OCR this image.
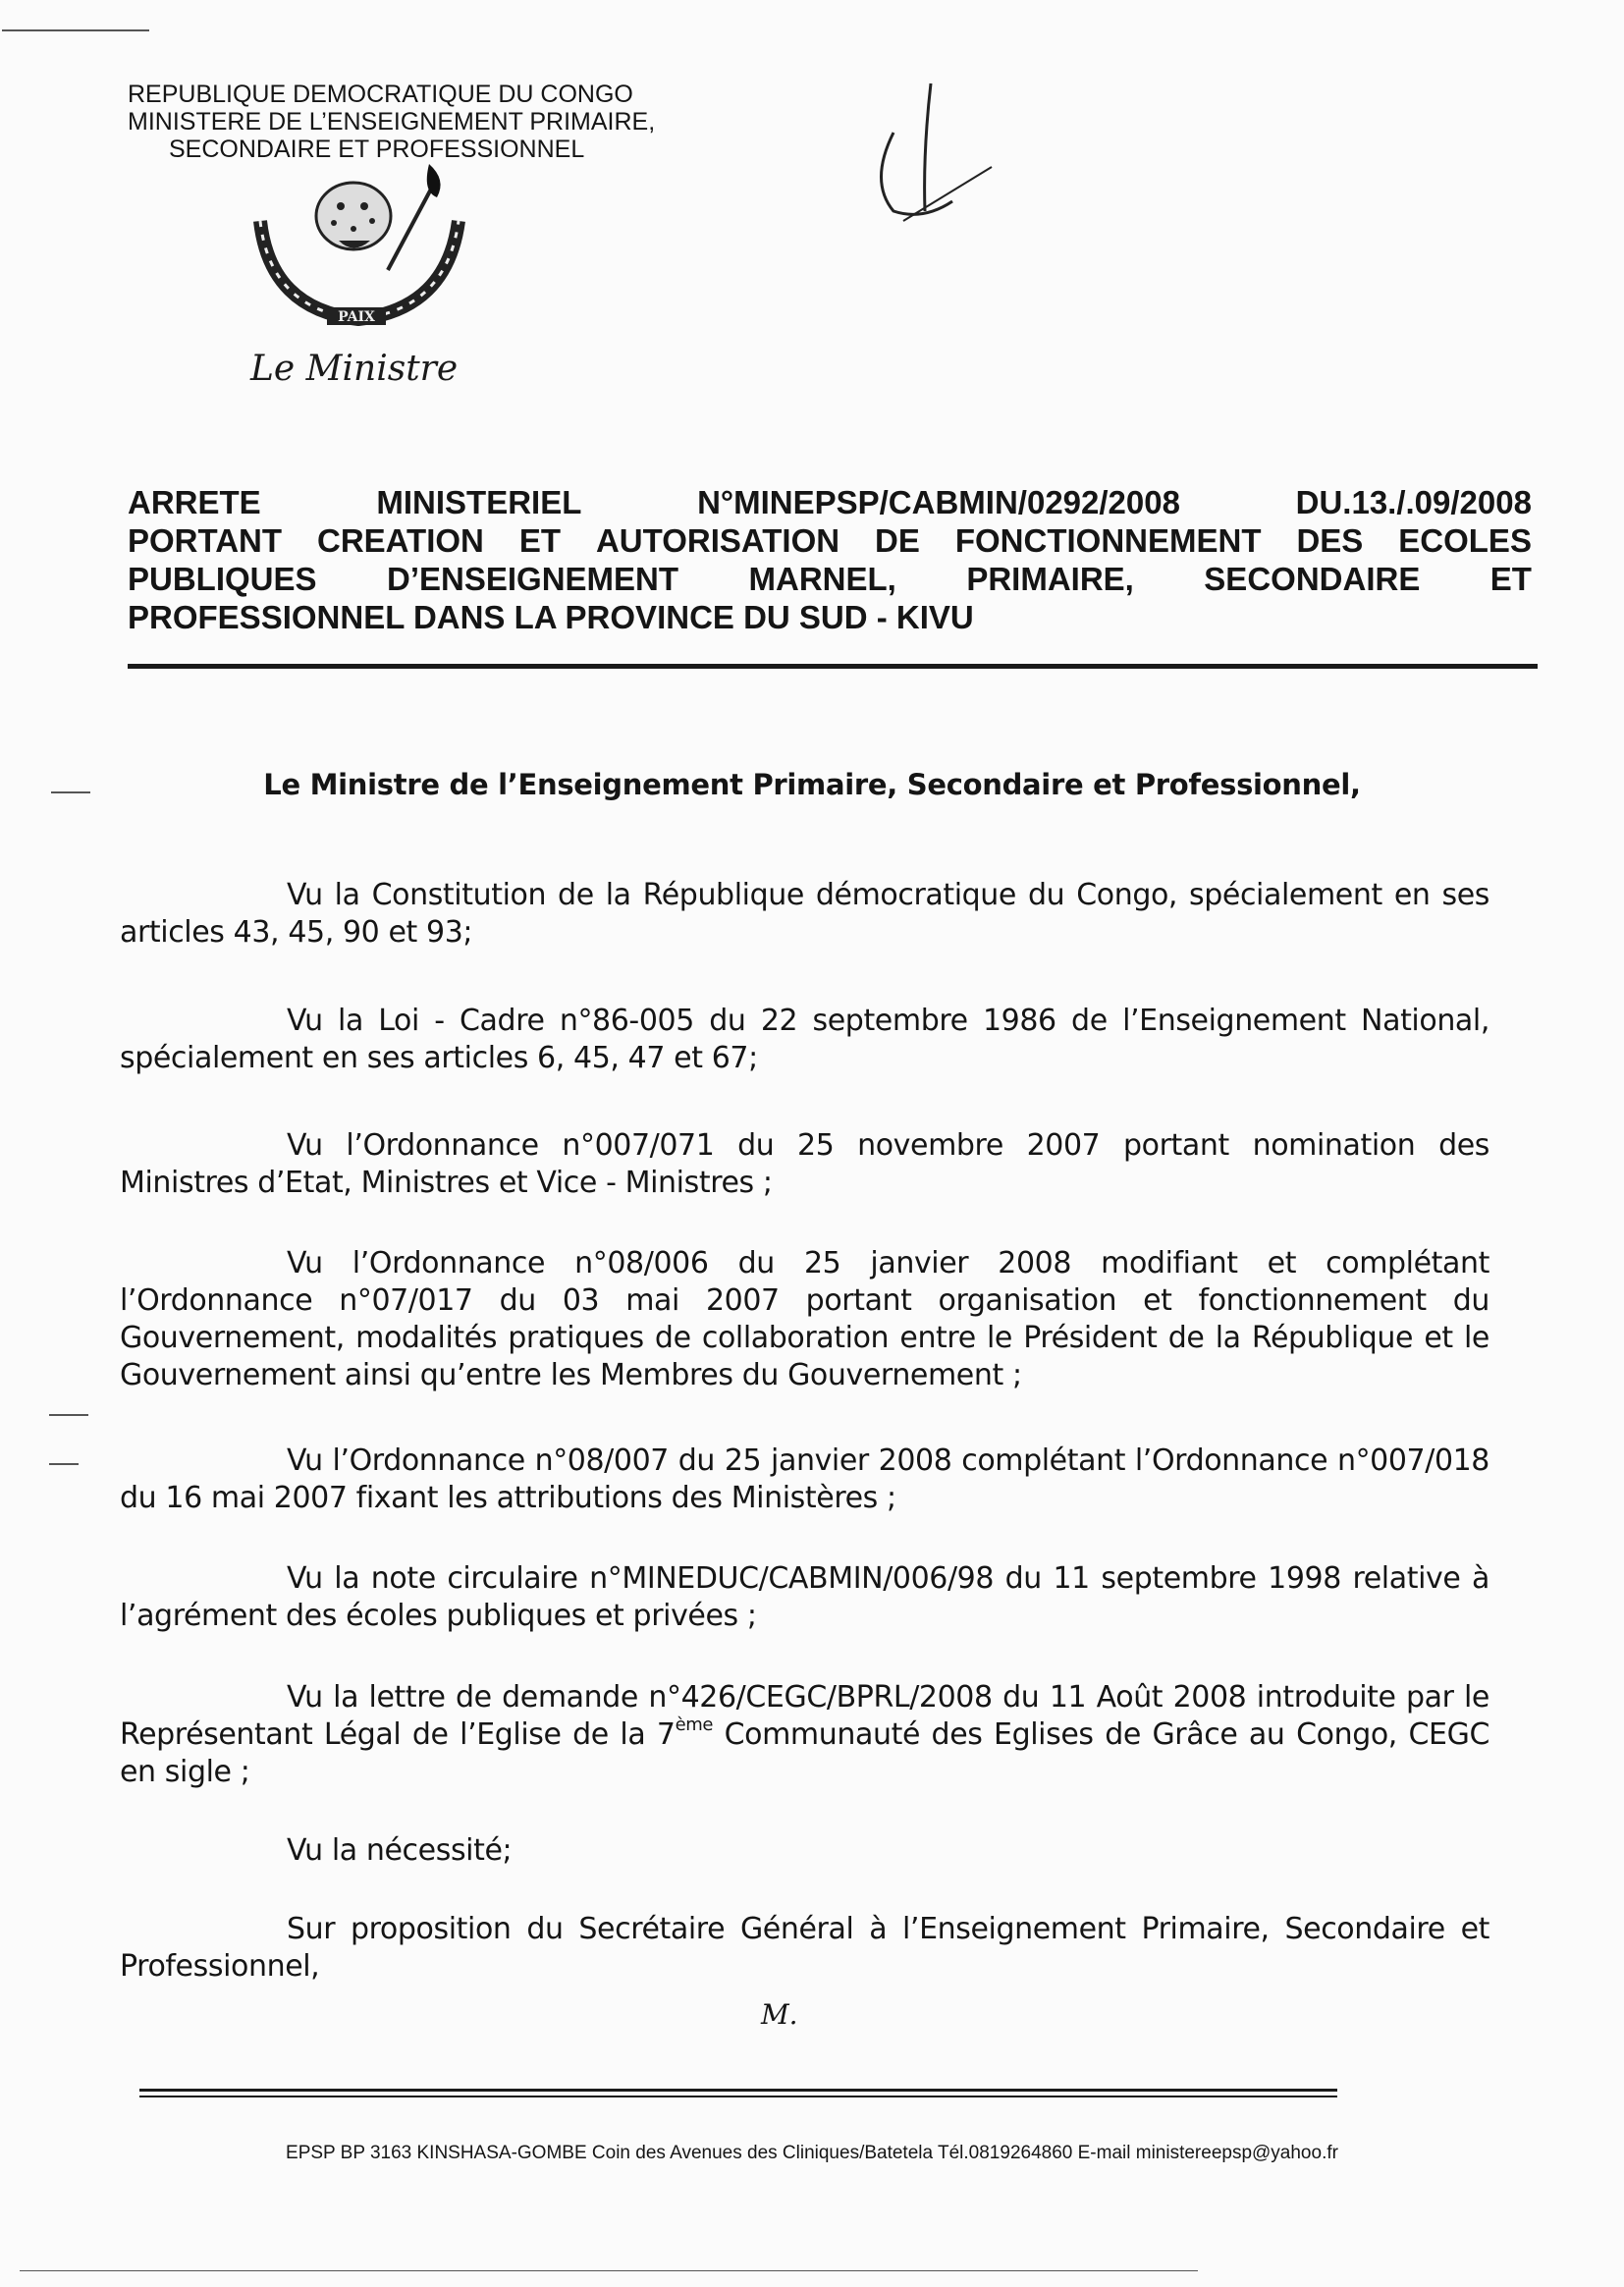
REPUBLIQUE DEMOCRATIQUE DU CONGO
MINISTERE DE L’ENSEIGNEMENT PRIMAIRE,
SECONDAIRE ET PROFESSIONNEL
PAIX
Le Ministre
ARRETE	MINISTERIEL	N°MINEPSP/CABMIN/0292/2008	DU.13./.09/2008
PORTANT CREATION ET AUTORISATION DE FONCTIONNEMENT DES ECOLES
PUBLIQUES D’ENSEIGNEMENT MARNEL, PRIMAIRE, SECONDAIRE ET
PROFESSIONNEL DANS LA PROVINCE DU SUD - KIVU
Le Ministre de l’Enseignement Primaire, Secondaire et Professionnel,
Vu la Constitution de la République démocratique du Congo, spécialement en ses articles 43, 45, 90 et 93;
Vu la Loi - Cadre n°86-005 du 22 septembre 1986 de l’Enseignement National, spécialement en ses articles 6, 45, 47 et 67;
Vu l’Ordonnance n°007/071 du 25 novembre 2007 portant nomination des Ministres d’Etat, Ministres et Vice - Ministres ;
Vu l’Ordonnance n°08/006 du 25 janvier 2008 modifiant et complétant l’Ordonnance n°07/017 du 03 mai 2007 portant organisation et fonctionnement du Gouvernement, modalités pratiques de collaboration entre le Président de la République et le Gouvernement ainsi qu’entre les Membres du Gouvernement ;
Vu l’Ordonnance n°08/007 du 25 janvier 2008 complétant l’Ordonnance n°007/018 du 16 mai 2007 fixant les attributions des Ministères ;
Vu la note circulaire n°MINEDUC/CABMIN/006/98 du 11 septembre 1998 relative à l’agrément des écoles publiques et privées ;
Vu la lettre de demande n°426/CEGC/BPRL/2008 du 11 Août 2008 introduite par le Représentant Légal de l’Eglise de la 7ème Communauté des Eglises de Grâce au Congo, CEGC en sigle ;
Vu la nécessité;
Sur proposition du Secrétaire Général à l’Enseignement Primaire, Secondaire et Professionnel,
M.
EPSP BP 3163 KINSHASA-GOMBE Coin des Avenues des Cliniques/Batetela Tél.0819264860 E-mail ministereepsp@yahoo.fr
